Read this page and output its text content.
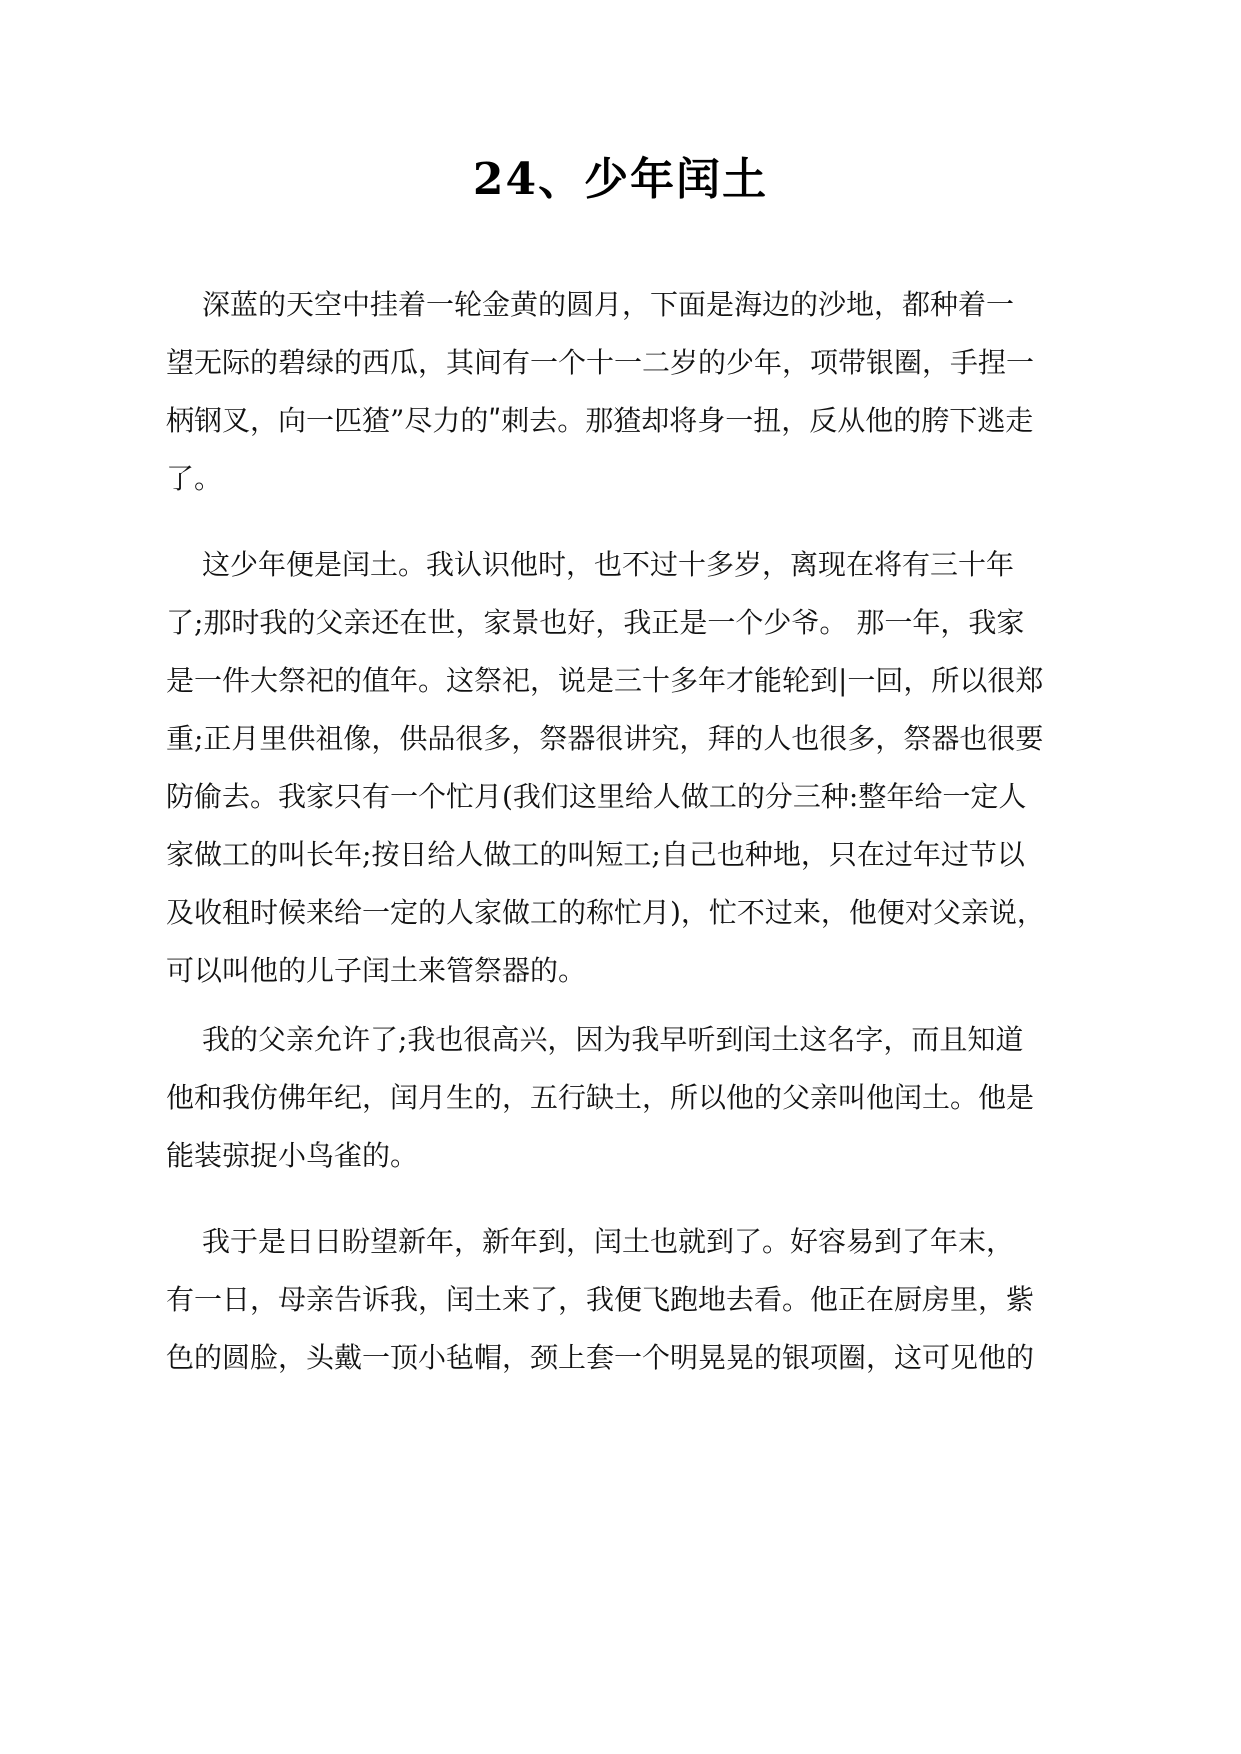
24、少年闰土
深蓝的天空中挂着一轮金黄的圆月，下面是海边的沙地，都种着一
望无际的碧绿的西瓜，其间有一个十一二岁的少年，项带银圈，手捏一
柄钢叉，向一匹猹”尽力的ʺ刺去。那猹却将身一扭，反从他的胯下逃走
了。
这少年便是闰土。我认识他时，也不过十多岁，离现在将有三十年
了;那时我的父亲还在世，家景也好，我正是一个少爷。 那一年，我家
是一件大祭祀的值年。这祭祀，说是三十多年才能轮到|一回，所以很郑
重;正月里供祖像，供品很多，祭器很讲究，拜的人也很多，祭器也很要
防偷去。我家只有一个忙月(我们这里给人做工的分三种:整年给一定人
家做工的叫长年;按日给人做工的叫短工;自己也种地，只在过年过节以
及收租时候来给一定的人家做工的称忙月)，忙不过来，他便对父亲说，
可以叫他的儿子闰土来管祭器的。
我的父亲允许了;我也很高兴，因为我早听到闰土这名字，而且知道
他和我仿佛年纪，闰月生的，五行缺土，所以他的父亲叫他闰土。他是
能装弶捉小鸟雀的。
我于是日日盼望新年，新年到，闰土也就到了。好容易到了年末，
有一日，母亲告诉我，闰土来了，我便飞跑地去看。他正在厨房里，紫
色的圆脸，头戴一顶小毡帽，颈上套一个明晃晃的银项圈，这可见他的
